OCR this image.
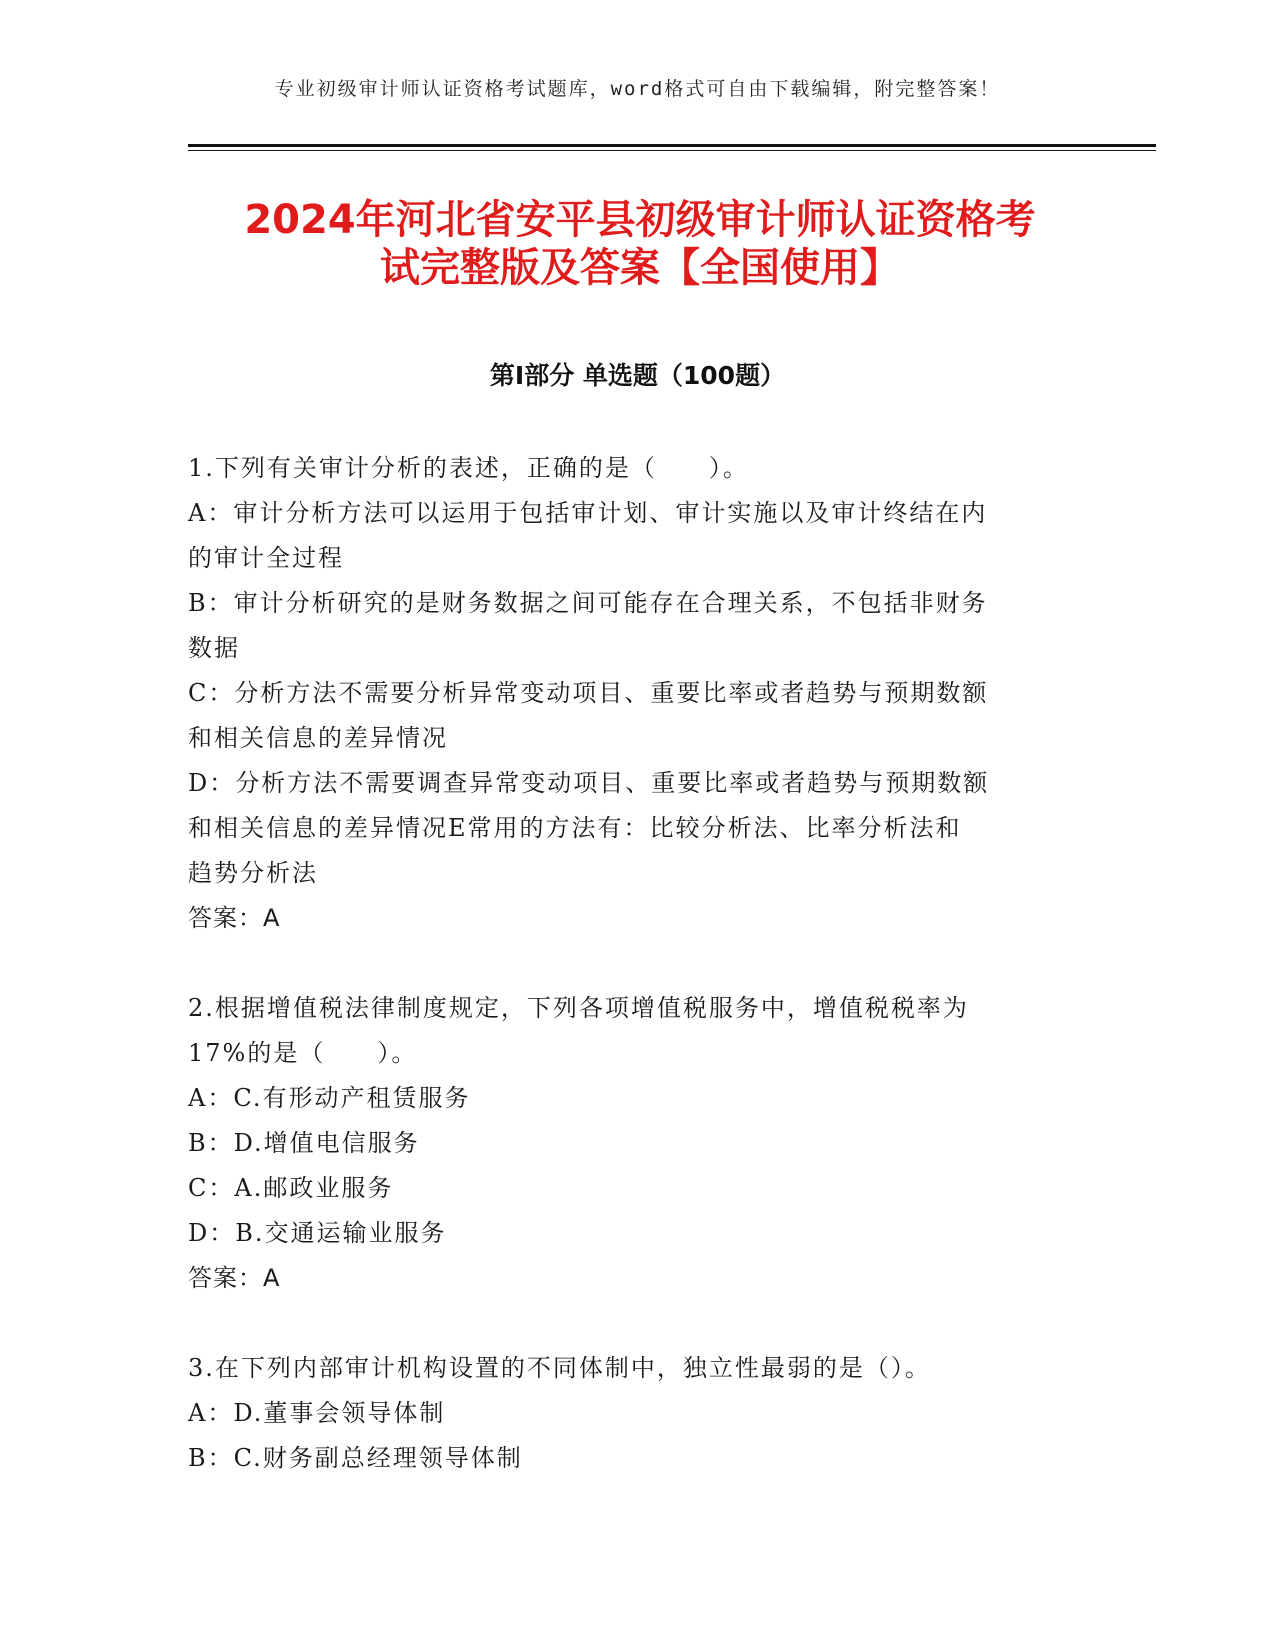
专业初级审计师认证资格考试题库，word格式可自由下载编辑，附完整答案！
2024年河北省安平县初级审计师认证资格考
试完整版及答案【全国使用】
第Ⅰ部分 单选题（100题）
1.下列有关审计分析的表述，正确的是（　　）。
A：审计分析方法可以运用于包括审计划、审计实施以及审计终结在内
的审计全过程
B：审计分析研究的是财务数据之间可能存在合理关系，不包括非财务
数据
C：分析方法不需要分析异常变动项目、重要比率或者趋势与预期数额
和相关信息的差异情况
D：分析方法不需要调查异常变动项目、重要比率或者趋势与预期数额
和相关信息的差异情况E常用的方法有：比较分析法、比率分析法和
趋势分析法
答案：A
2.根据增值税法律制度规定，下列各项增值税服务中，增值税税率为
17%的是（　　）。
A：C.有形动产租赁服务
B：D.增值电信服务
C：A.邮政业服务
D：B.交通运输业服务
答案：A
3.在下列内部审计机构设置的不同体制中，独立性最弱的是（）。
A：D.董事会领导体制
B：C.财务副总经理领导体制
